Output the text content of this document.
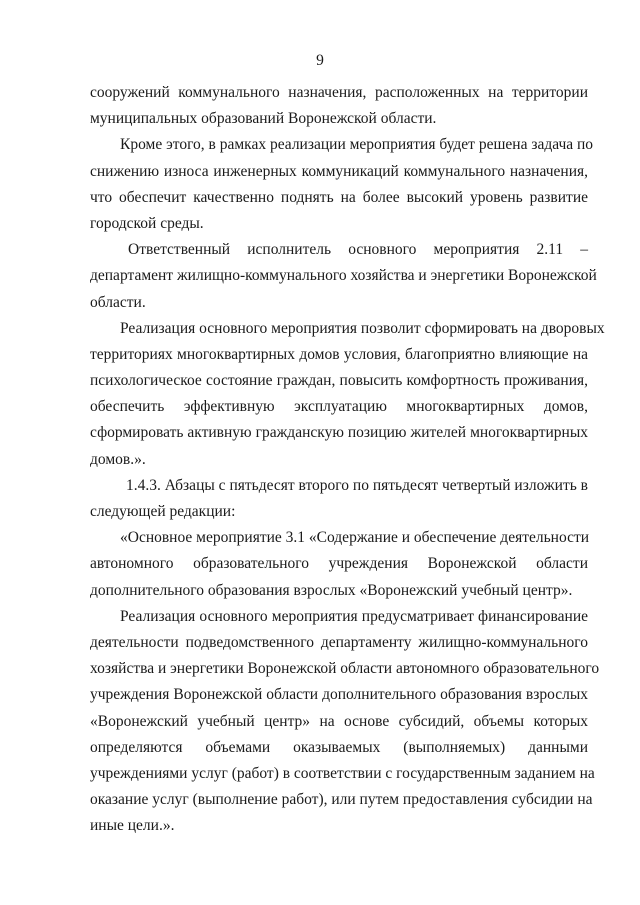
9
сооружений коммунального назначения, расположенных на территории
муниципальных образований Воронежской области.
Кроме этого, в рамках реализации мероприятия будет решена задача по
снижению износа инженерных коммуникаций коммунального назначения,
что обеспечит качественно поднять на более высокий уровень развитие
городской среды.
Ответственный исполнитель основного мероприятия 2.11 –
департамент жилищно-коммунального хозяйства и энергетики Воронежской
области.
Реализация основного мероприятия позволит сформировать на дворовых
территориях многоквартирных домов условия, благоприятно влияющие на
психологическое состояние граждан, повысить комфортность проживания,
обеспечить эффективную эксплуатацию многоквартирных домов,
сформировать активную гражданскую позицию жителей многоквартирных
домов.».
1.4.3. Абзацы с пятьдесят второго по пятьдесят четвертый изложить в
следующей редакции:
«Основное мероприятие 3.1 «Содержание и обеспечение деятельности
автономного образовательного учреждения Воронежской области
дополнительного образования взрослых «Воронежский учебный центр».
Реализация основного мероприятия предусматривает финансирование
деятельности подведомственного департаменту жилищно-коммунального
хозяйства и энергетики Воронежской области автономного образовательного
учреждения Воронежской области дополнительного образования взрослых
«Воронежский учебный центр» на основе субсидий, объемы которых
определяются объемами оказываемых (выполняемых) данными
учреждениями услуг (работ) в соответствии с государственным заданием на
оказание услуг (выполнение работ), или путем предоставления субсидии на
иные цели.».
